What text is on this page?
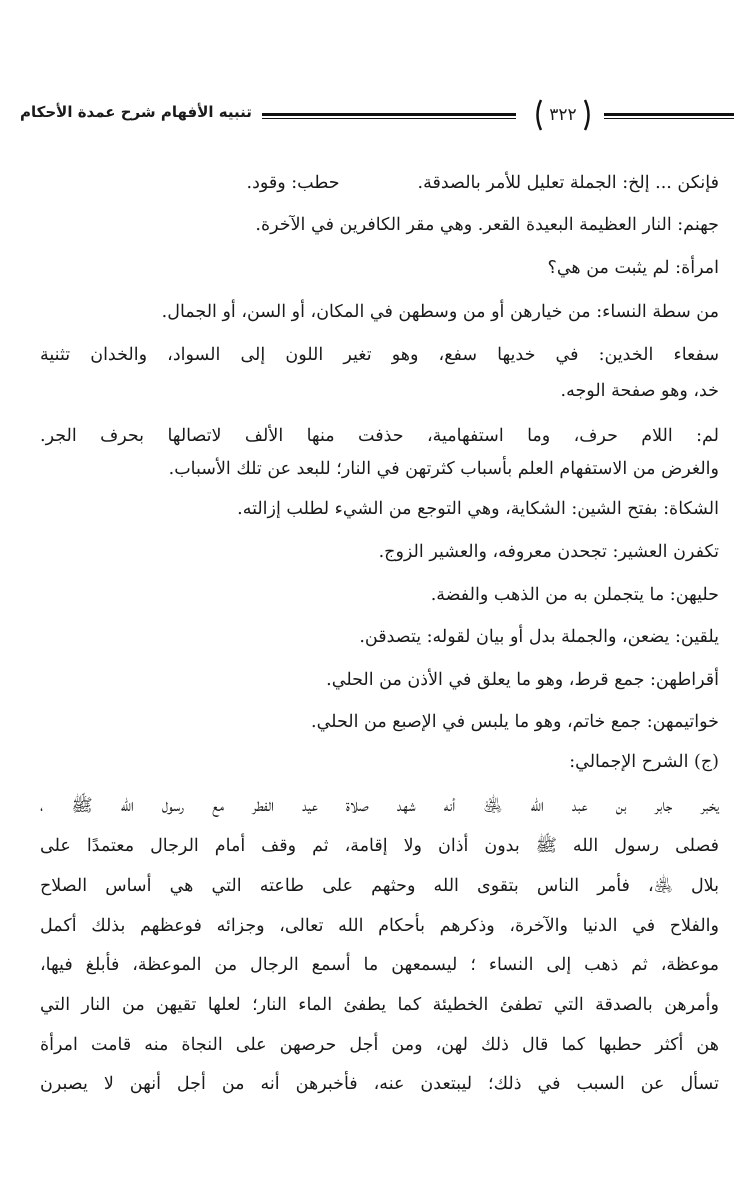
٣٢٢
تنبيه الأفهام شرح عمدة الأحكام
فإنكن ... إلخ: الجملة تعليل للأمر بالصدقة.
حطب: وقود.
جهنم: النار العظيمة البعيدة القعر. وهي مقر الكافرين في الآخرة.
امرأة: لم يثبت من هي؟
من سطة النساء: من خيارهن أو من وسطهن في المكان، أو السن، أو الجمال.
سفعاء الخدين: في خديها سفع، وهو تغير اللون إلى السواد، والخدان تثنية
خد، وهو صفحة الوجه.
لم: اللام حرف، وما استفهامية، حذفت منها الألف لاتصالها بحرف الجر.
والغرض من الاستفهام العلم بأسباب كثرتهن في النار؛ للبعد عن تلك الأسباب.
الشكاة: بفتح الشين: الشكاية، وهي التوجع من الشيء لطلب إزالته.
تكفرن العشير: تجحدن معروفه، والعشير الزوج.
حليهن: ما يتجملن به من الذهب والفضة.
يلقين: يضعن، والجملة بدل أو بيان لقوله: يتصدقن.
أقراطهن: جمع قرط، وهو ما يعلق في الأذن من الحلي.
خواتيمهن: جمع خاتم، وهو ما يلبس في الإصبع من الحلي.
(ج) الشرح الإجمالي:
يخبر جابر بن عبد الله ﵁ أنه شهد صلاة عيد الفطر مع رسول الله ﷺ ،
فصلى رسول الله ﷺ بدون أذان ولا إقامة، ثم وقف أمام الرجال معتمدًا على
بلال ﵁، فأمر الناس بتقوى الله وحثهم على طاعته التي هي أساس الصلاح
والفلاح في الدنيا والآخرة، وذكرهم بأحكام الله تعالى، وجزائه فوعظهم بذلك أكمل
موعظة، ثم ذهب إلى النساء ؛ ليسمعهن ما أسمع الرجال من الموعظة، فأبلغ فيها،
وأمرهن بالصدقة التي تطفئ الخطيئة كما يطفئ الماء النار؛ لعلها تقيهن من النار التي
هن أكثر حطبها كما قال ذلك لهن، ومن أجل حرصهن على النجاة منه قامت امرأة
تسأل عن السبب في ذلك؛ ليبتعدن عنه، فأخبرهن أنه من أجل أنهن لا يصبرن
